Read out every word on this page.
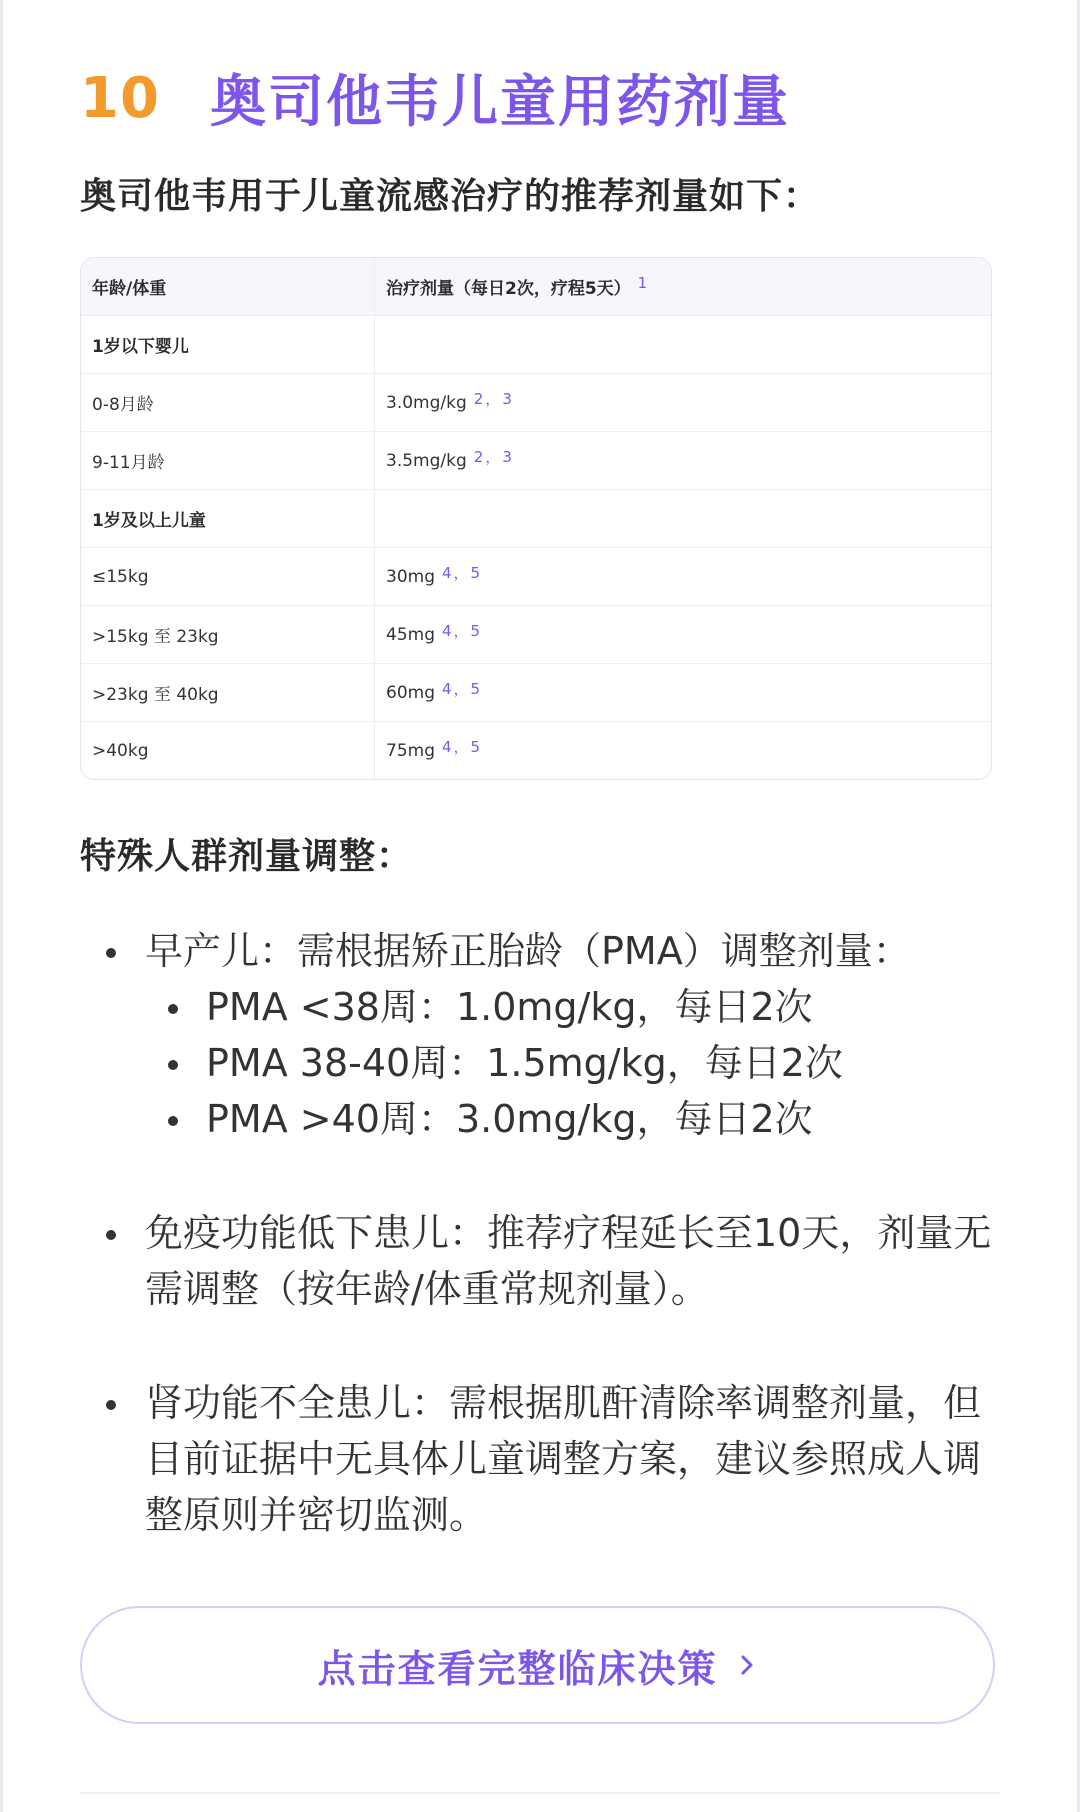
10 奥司他韦儿童用药剂量
奥司他韦用于儿童流感治疗的推荐剂量如下：
年龄/体重	治疗剂量（每日2次，疗程5天） 1
1岁以下婴儿
0-8月龄	3.0mg/kg 2 ， 3
9-11月龄	3.5mg/kg 2 ， 3
1岁及以上儿童
≤15kg	30mg 4 ， 5
>15kg 至 23kg	45mg 4 ， 5
>23kg 至 40kg	60mg 4 ， 5
>40kg	75mg 4 ， 5
特殊人群剂量调整：
早产儿：需根据矫正胎龄（PMA）调整剂量：
PMA <38周：1.0mg/kg，每日2次
PMA 38-40周：1.5mg/kg，每日2次
PMA >40周：3.0mg/kg，每日2次
免疫功能低下患儿：推荐疗程延长至10天，剂量无需调整（按年龄/体重常规剂量）。
肾功能不全患儿：需根据肌酐清除率调整剂量，但目前证据中无具体儿童调整方案，建议参照成人调整原则并密切监测。
点击查看完整临床决策
